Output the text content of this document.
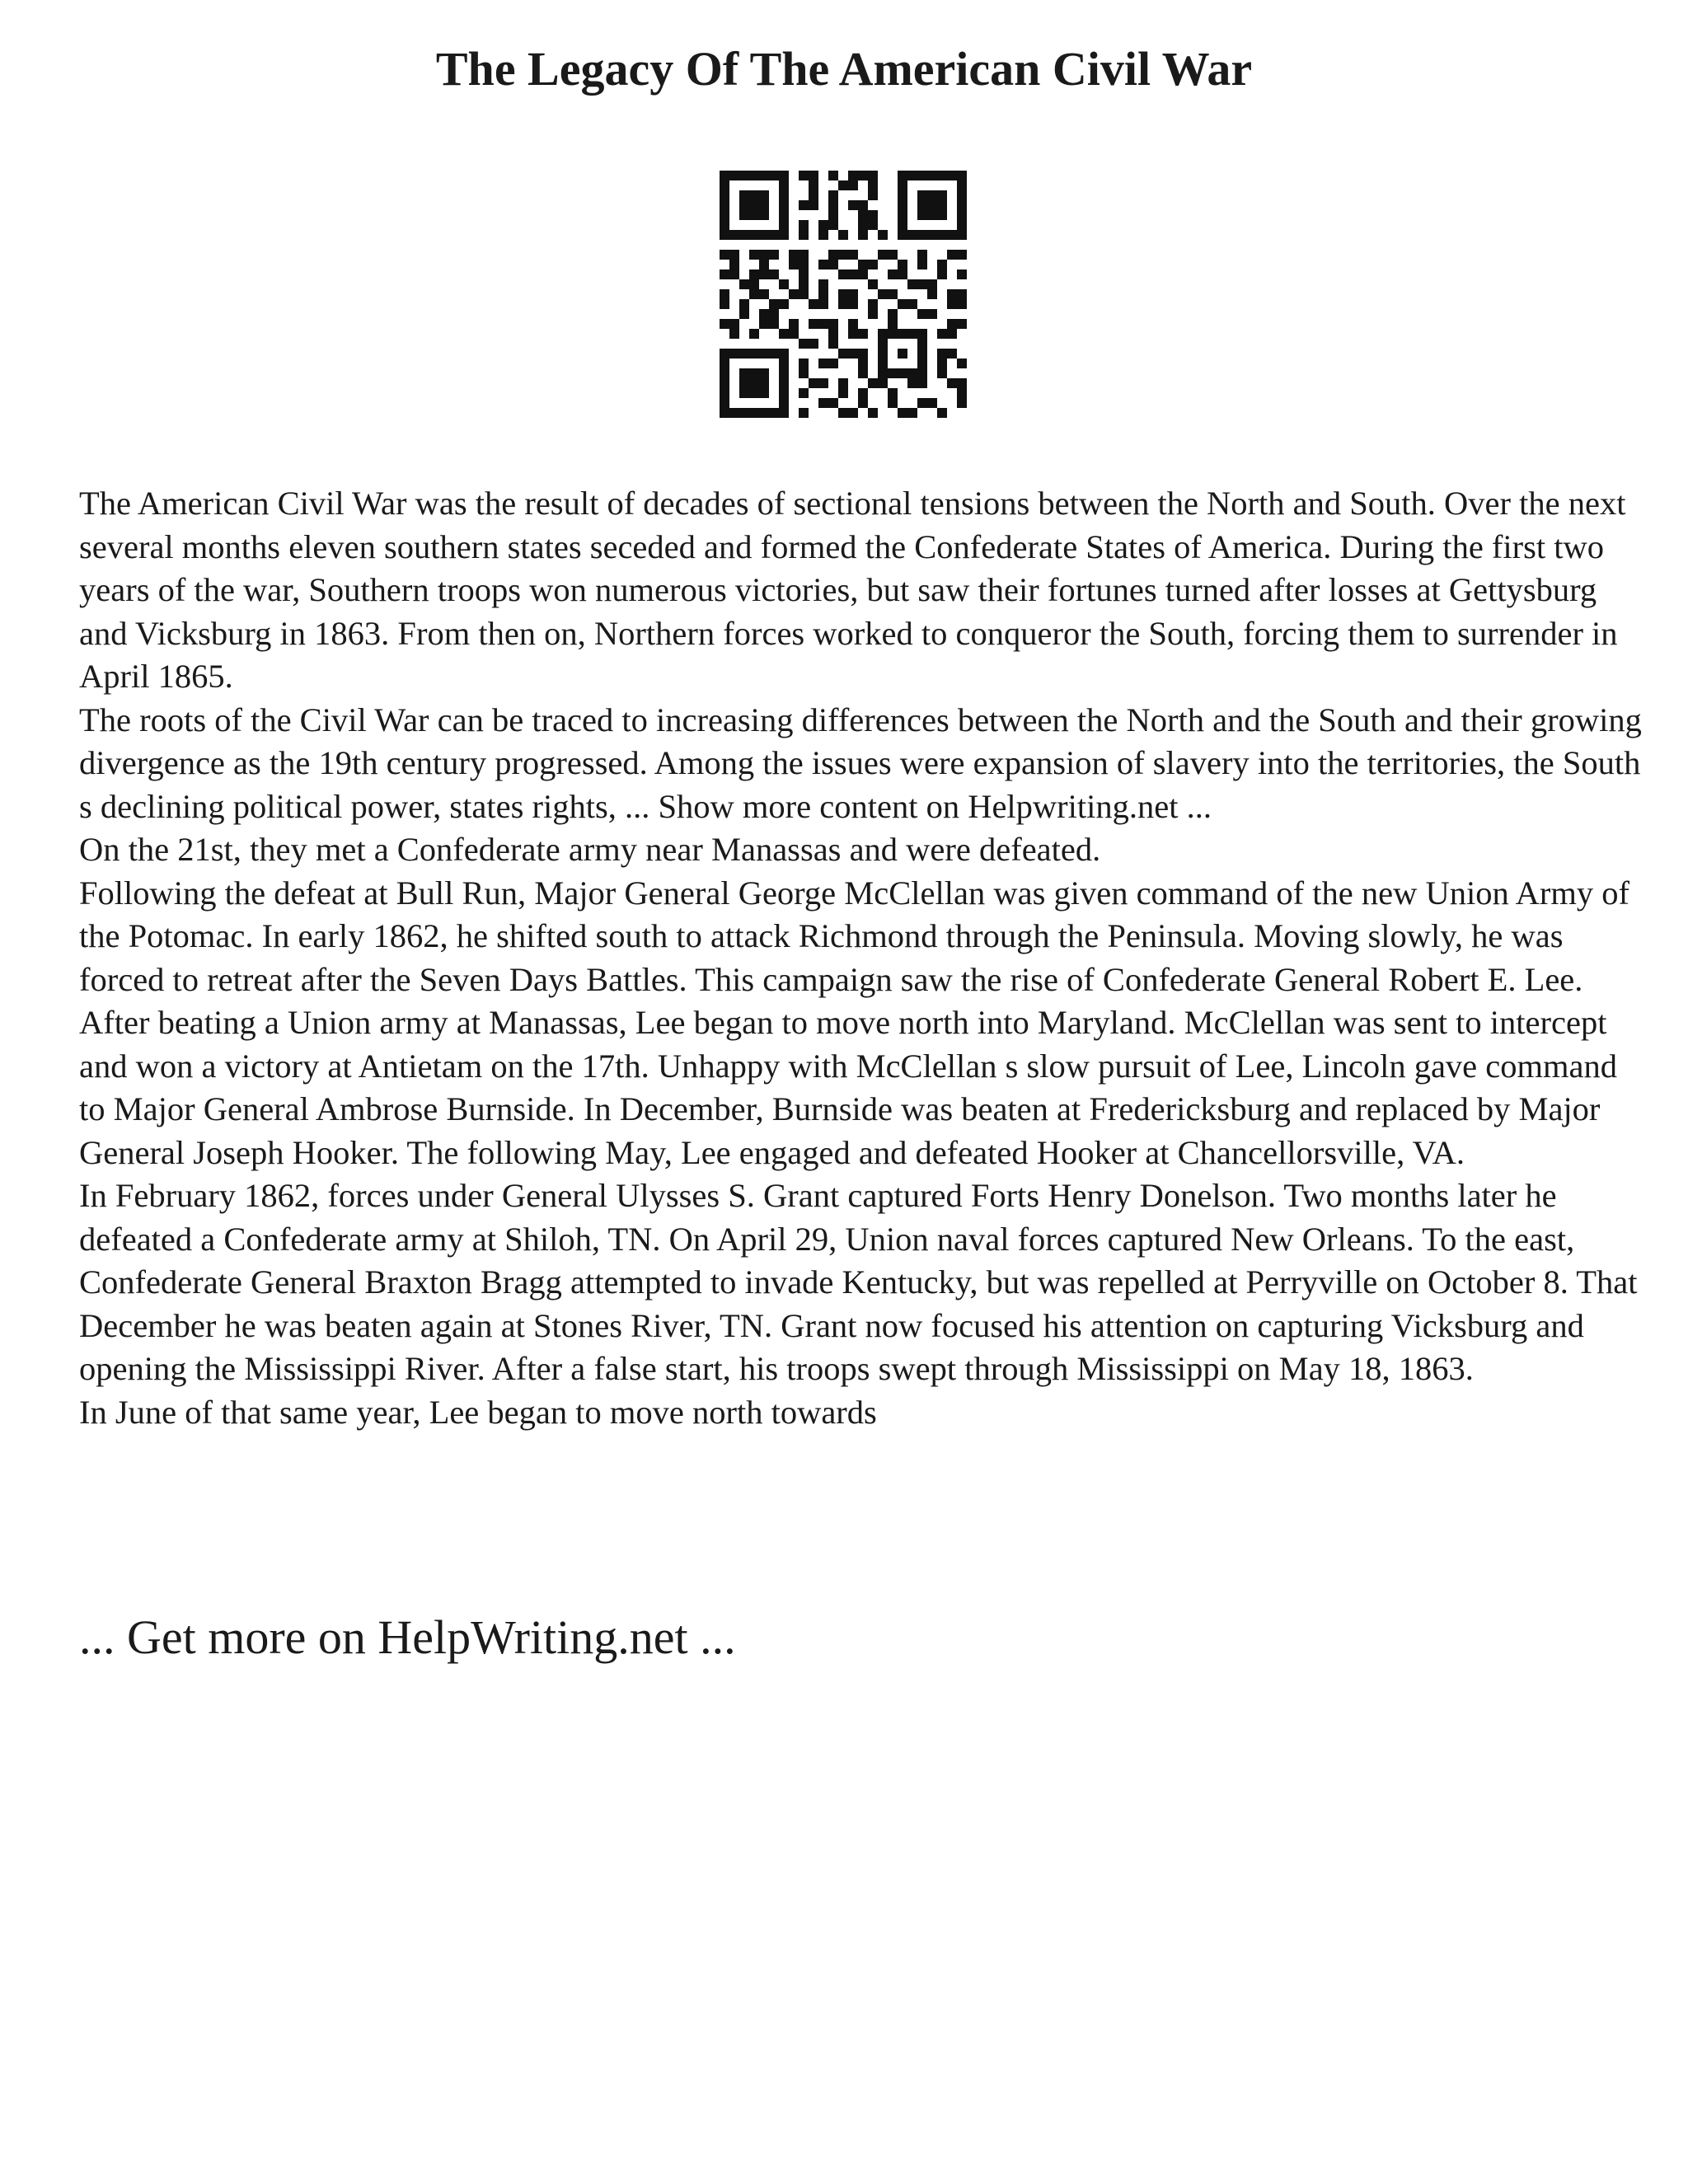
The Legacy Of The American Civil War

The American Civil War was the result of decades of sectional tensions between the North and South. Over the next several months eleven southern states seceded and formed the Confederate States of America. During the first two years of the war, Southern troops won numerous victories, but saw their fortunes turned after losses at Gettysburg and Vicksburg in 1863. From then on, Northern forces worked to conqueror the South, forcing them to surrender in April 1865.

The roots of the Civil War can be traced to increasing differences between the North and the South and their growing divergence as the 19th century progressed. Among the issues were expansion of slavery into the territories, the South s declining political power, states rights, ... Show more content on Helpwriting.net ...

On the 21st, they met a Confederate army near Manassas and were defeated.

Following the defeat at Bull Run, Major General George McClellan was given command of the new Union Army of the Potomac. In early 1862, he shifted south to attack Richmond through the Peninsula. Moving slowly, he was forced to retreat after the Seven Days Battles. This campaign saw the rise of Confederate General Robert E. Lee. After beating a Union army at Manassas, Lee began to move north into Maryland. McClellan was sent to intercept and won a victory at Antietam on the 17th. Unhappy with McClellan s slow pursuit of Lee, Lincoln gave command to Major General Ambrose Burnside. In December, Burnside was beaten at Fredericksburg and replaced by Major General Joseph Hooker. The following May, Lee engaged and defeated Hooker at Chancellorsville, VA.

In February 1862, forces under General Ulysses S. Grant captured Forts Henry Donelson. Two months later he defeated a Confederate army at Shiloh, TN. On April 29, Union naval forces captured New Orleans. To the east, Confederate General Braxton Bragg attempted to invade Kentucky, but was repelled at Perryville on October 8. That December he was beaten again at Stones River, TN. Grant now focused his attention on capturing Vicksburg and opening the Mississippi River. After a false start, his troops swept through Mississippi on May 18, 1863.

In June of that same year, Lee began to move north towards

... Get more on HelpWriting.net ...
